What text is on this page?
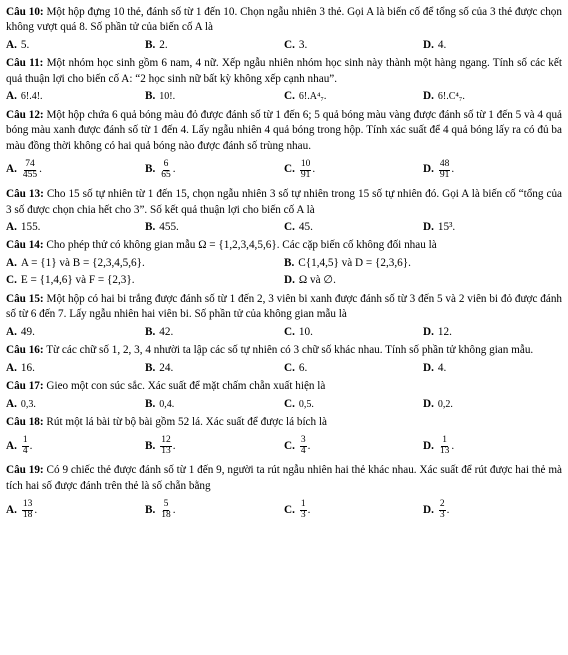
Câu 10: Một hộp đựng 10 thẻ, đánh số từ 1 đến 10. Chọn ngẫu nhiên 3 thẻ. Gọi A là biến cố để tổng số của 3 thẻ được chọn không vượt quá 8. Số phần tử của biến cố A là
A. 5.	B. 2.	C. 3.	D. 4.
Câu 11: Một nhóm học sinh gồm 6 nam, 4 nữ. Xếp ngẫu nhiên nhóm học sinh này thành một hàng ngang. Tính số các kết quả thuận lợi cho biến cố A: “2 học sinh nữ bất kỳ không xếp cạnh nhau”.
A. 6!.4!.	B. 10!.	C. 6!.A⁴₇.	D. 6!.C⁴₇.
Câu 12: Một hộp chứa 6 quả bóng màu đỏ được đánh số từ 1 đến 6; 5 quả bóng màu vàng được đánh số từ 1 đến 5 và 4 quả bóng màu xanh được đánh số từ 1 đến 4. Lấy ngẫu nhiên 4 quả bóng trong hộp. Tính xác suất để 4 quả bóng lấy ra có đủ ba màu đồng thời không có hai quả bóng nào được đánh số trùng nhau.
A. $\frac{74}{455}$ .	B. $\frac{6}{65}$ .	C. $\frac{10}{91}$ .	D. $\frac{48}{91}$ .
Câu 13: Cho 15 số tự nhiên từ 1 đến 15, chọn ngẫu nhiên 3 số tự nhiên trong 15 số tự nhiên đó. Gọi A là biến cố “tổng của 3 số được chọn chia hết cho 3”. Số kết quả thuận lợi cho biến cố A là
A. 155.	B. 455.	C. 45.	D. 15³.
Câu 14: Cho phép thử có không gian mẫu Ω = {1,2,3,4,5,6}. Các cặp biến cố không đối nhau là
A. A = {1} và B = {2,3,4,5,6}.	B. C{1,4,5} và D = {2,3,6}.
C. E = {1,4,6} và F = {2,3}.	D. Ω và ∅.
Câu 15: Một hộp có hai bi trắng được đánh số từ 1 đến 2, 3 viên bi xanh được đánh số từ 3 đến 5 và 2 viên bi đỏ được đánh số từ 6 đến 7. Lấy ngẫu nhiên hai viên bi. Số phần tử của không gian mẫu là
A. 49.	B. 42.	C. 10.	D. 12.
Câu 16: Từ các chữ số 1, 2, 3, 4 nhười ta lập các số tự nhiên có 3 chữ số khác nhau. Tính số phần tử không gian mẫu.
A. 16.	B. 24.	C. 6.	D. 4.
Câu 17: Gieo một con súc sắc. Xác suất để mặt chấm chẵn xuất hiện là
A. 0,3.	B. 0,4.	C. 0,5.	D. 0,2.
Câu 18: Rút một lá bài từ bộ bài gồm 52 lá. Xác suất để được lá bích là
A. $\frac{1}{4}$ .	B. $\frac{12}{13}$ .	C. $\frac{3}{4}$ .	D. $\frac{1}{13}$ .
Câu 19: Có 9 chiếc thẻ được đánh số từ 1 đến 9, người ta rút ngẫu nhiên hai thẻ khác nhau. Xác suất để rút được hai thẻ mà tích hai số được đánh trên thẻ là số chẵn bằng
A. $\frac{13}{18}$ .	B. $\frac{5}{18}$ .	C. $\frac{1}{3}$ .	D. $\frac{2}{3}$ .
